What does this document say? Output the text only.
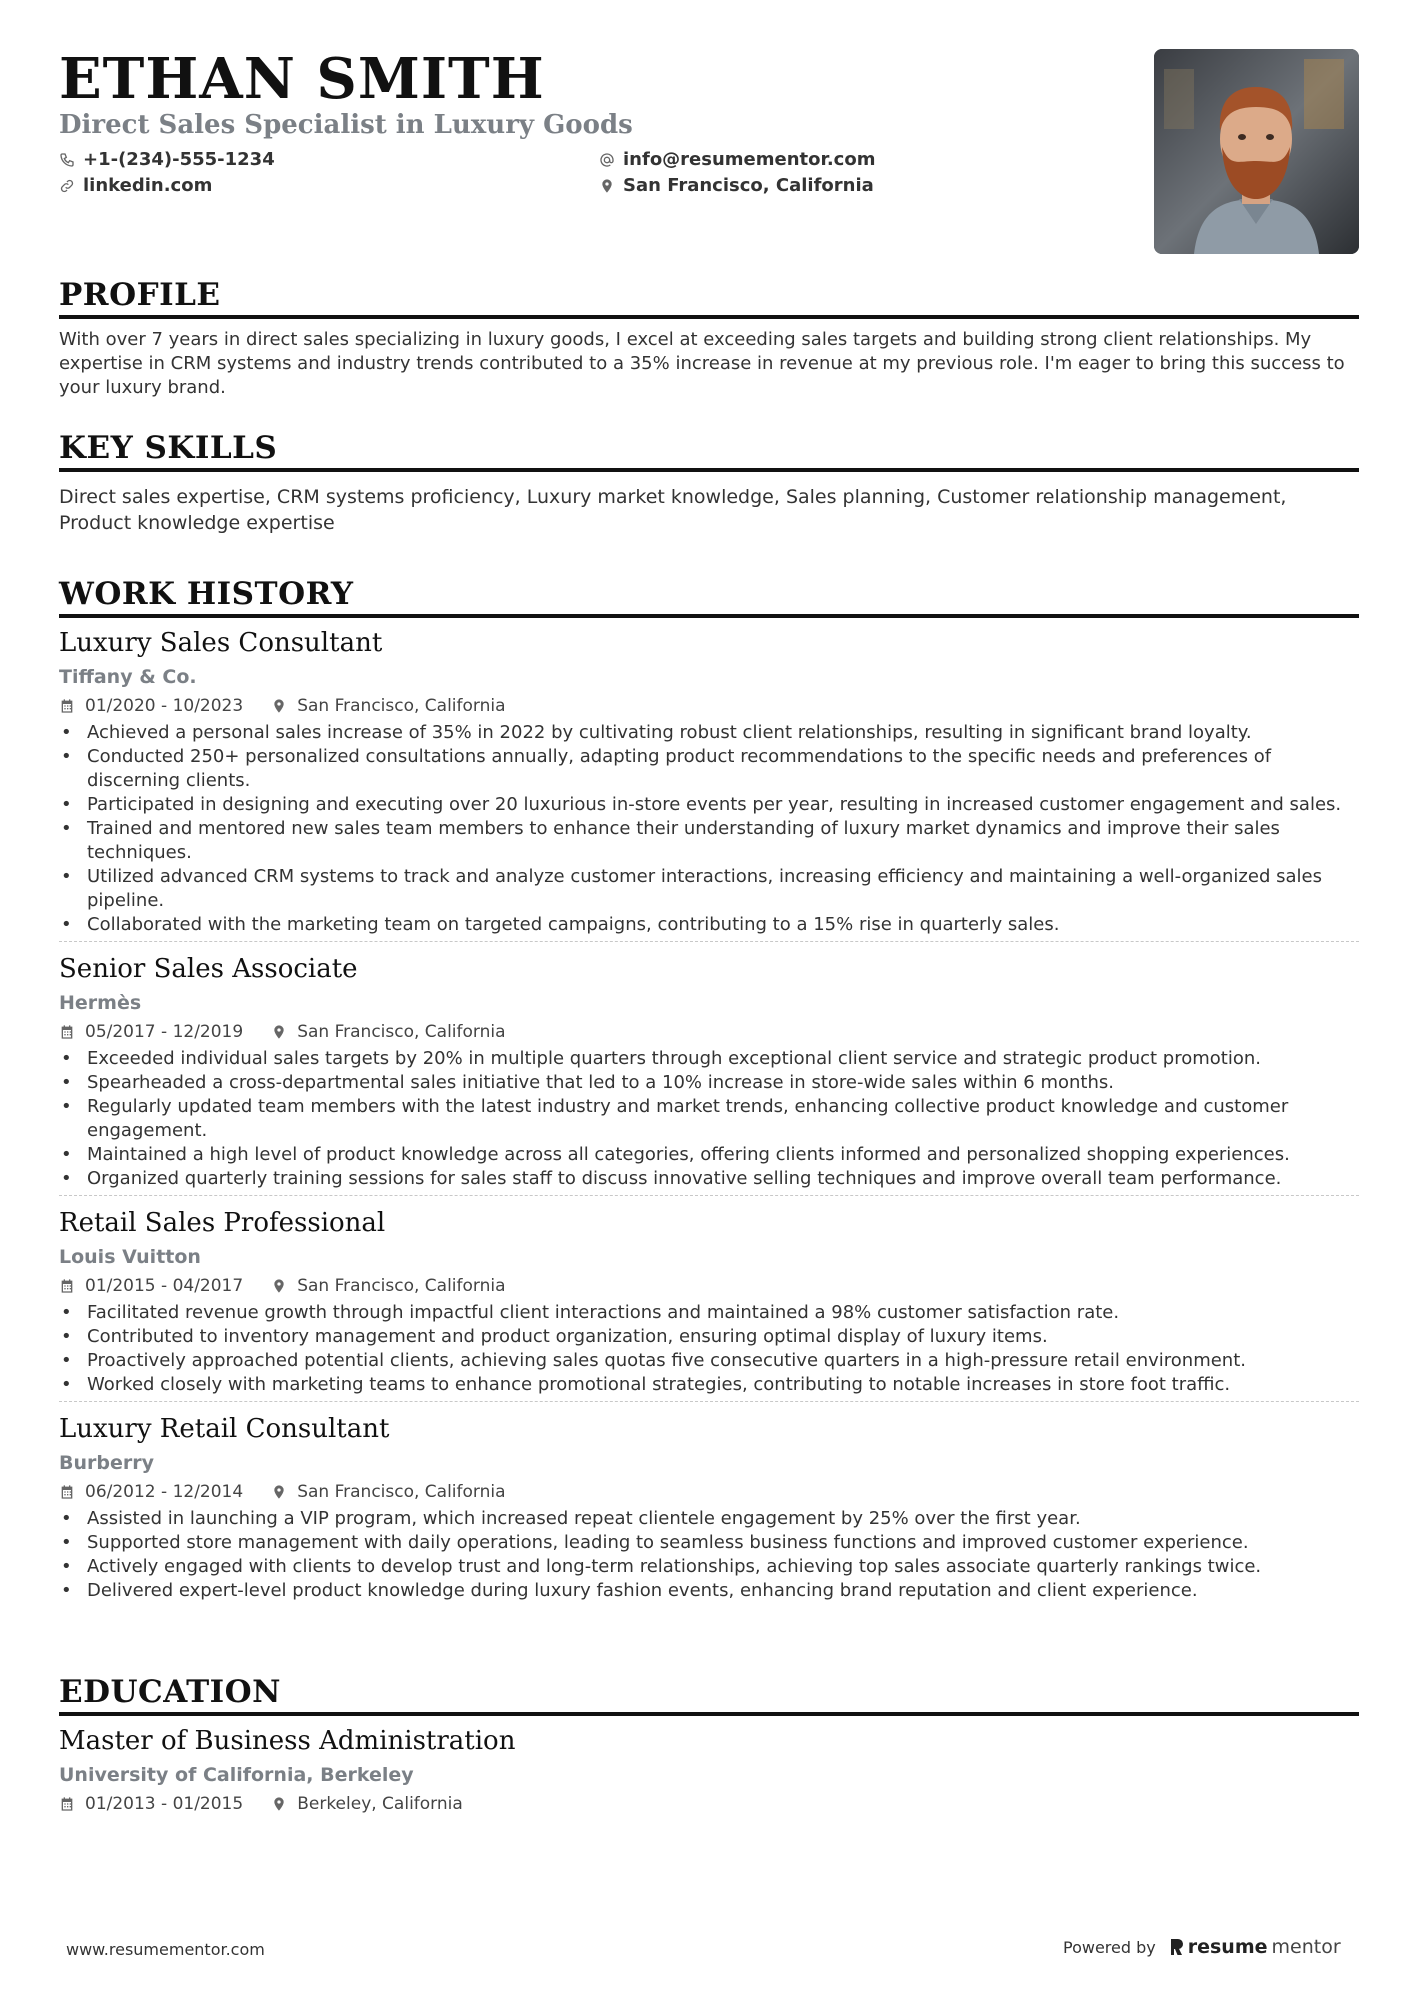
ETHAN SMITH
Direct Sales Specialist in Luxury Goods
+1-(234)-555-1234
linkedin.com
info@resumementor.com
San Francisco, California
PROFILE

With over 7 years in direct sales specializing in luxury goods, I excel at exceeding sales targets and building strong client relationships. My expertise in CRM systems and industry trends contributed to a 35% increase in revenue at my previous role. I'm eager to bring this success to your luxury brand.

KEY SKILLS

Direct sales expertise, CRM systems proficiency, Luxury market knowledge, Sales planning, Customer relationship management, Product knowledge expertise

WORK HISTORY
Luxury Sales Consultant
Tiffany & Co.
01/2020 - 10/2023	San Francisco, California
• Achieved a personal sales increase of 35% in 2022 by cultivating robust client relationships, resulting in significant brand loyalty.
• Conducted 250+ personalized consultations annually, adapting product recommendations to the specific needs and preferences of discerning clients.
• Participated in designing and executing over 20 luxurious in-store events per year, resulting in increased customer engagement and sales.
• Trained and mentored new sales team members to enhance their understanding of luxury market dynamics and improve their sales techniques.
• Utilized advanced CRM systems to track and analyze customer interactions, increasing efficiency and maintaining a well-organized sales pipeline.
• Collaborated with the marketing team on targeted campaigns, contributing to a 15% rise in quarterly sales.
Senior Sales Associate
Hermès
05/2017 - 12/2019	San Francisco, California
• Exceeded individual sales targets by 20% in multiple quarters through exceptional client service and strategic product promotion.
• Spearheaded a cross-departmental sales initiative that led to a 10% increase in store-wide sales within 6 months.
• Regularly updated team members with the latest industry and market trends, enhancing collective product knowledge and customer engagement.
• Maintained a high level of product knowledge across all categories, offering clients informed and personalized shopping experiences.
• Organized quarterly training sessions for sales staff to discuss innovative selling techniques and improve overall team performance.
Retail Sales Professional
Louis Vuitton
01/2015 - 04/2017	San Francisco, California
• Facilitated revenue growth through impactful client interactions and maintained a 98% customer satisfaction rate.
• Contributed to inventory management and product organization, ensuring optimal display of luxury items.
• Proactively approached potential clients, achieving sales quotas five consecutive quarters in a high-pressure retail environment.
• Worked closely with marketing teams to enhance promotional strategies, contributing to notable increases in store foot traffic.
Luxury Retail Consultant
Burberry
06/2012 - 12/2014	San Francisco, California
• Assisted in launching a VIP program, which increased repeat clientele engagement by 25% over the first year.
• Supported store management with daily operations, leading to seamless business functions and improved customer experience.
• Actively engaged with clients to develop trust and long-term relationships, achieving top sales associate quarterly rankings twice.
• Delivered expert-level product knowledge during luxury fashion events, enhancing brand reputation and client experience.
EDUCATION
Master of Business Administration
University of California, Berkeley
01/2013 - 01/2015	Berkeley, California
www.resumementor.com	Powered by resume mentor
